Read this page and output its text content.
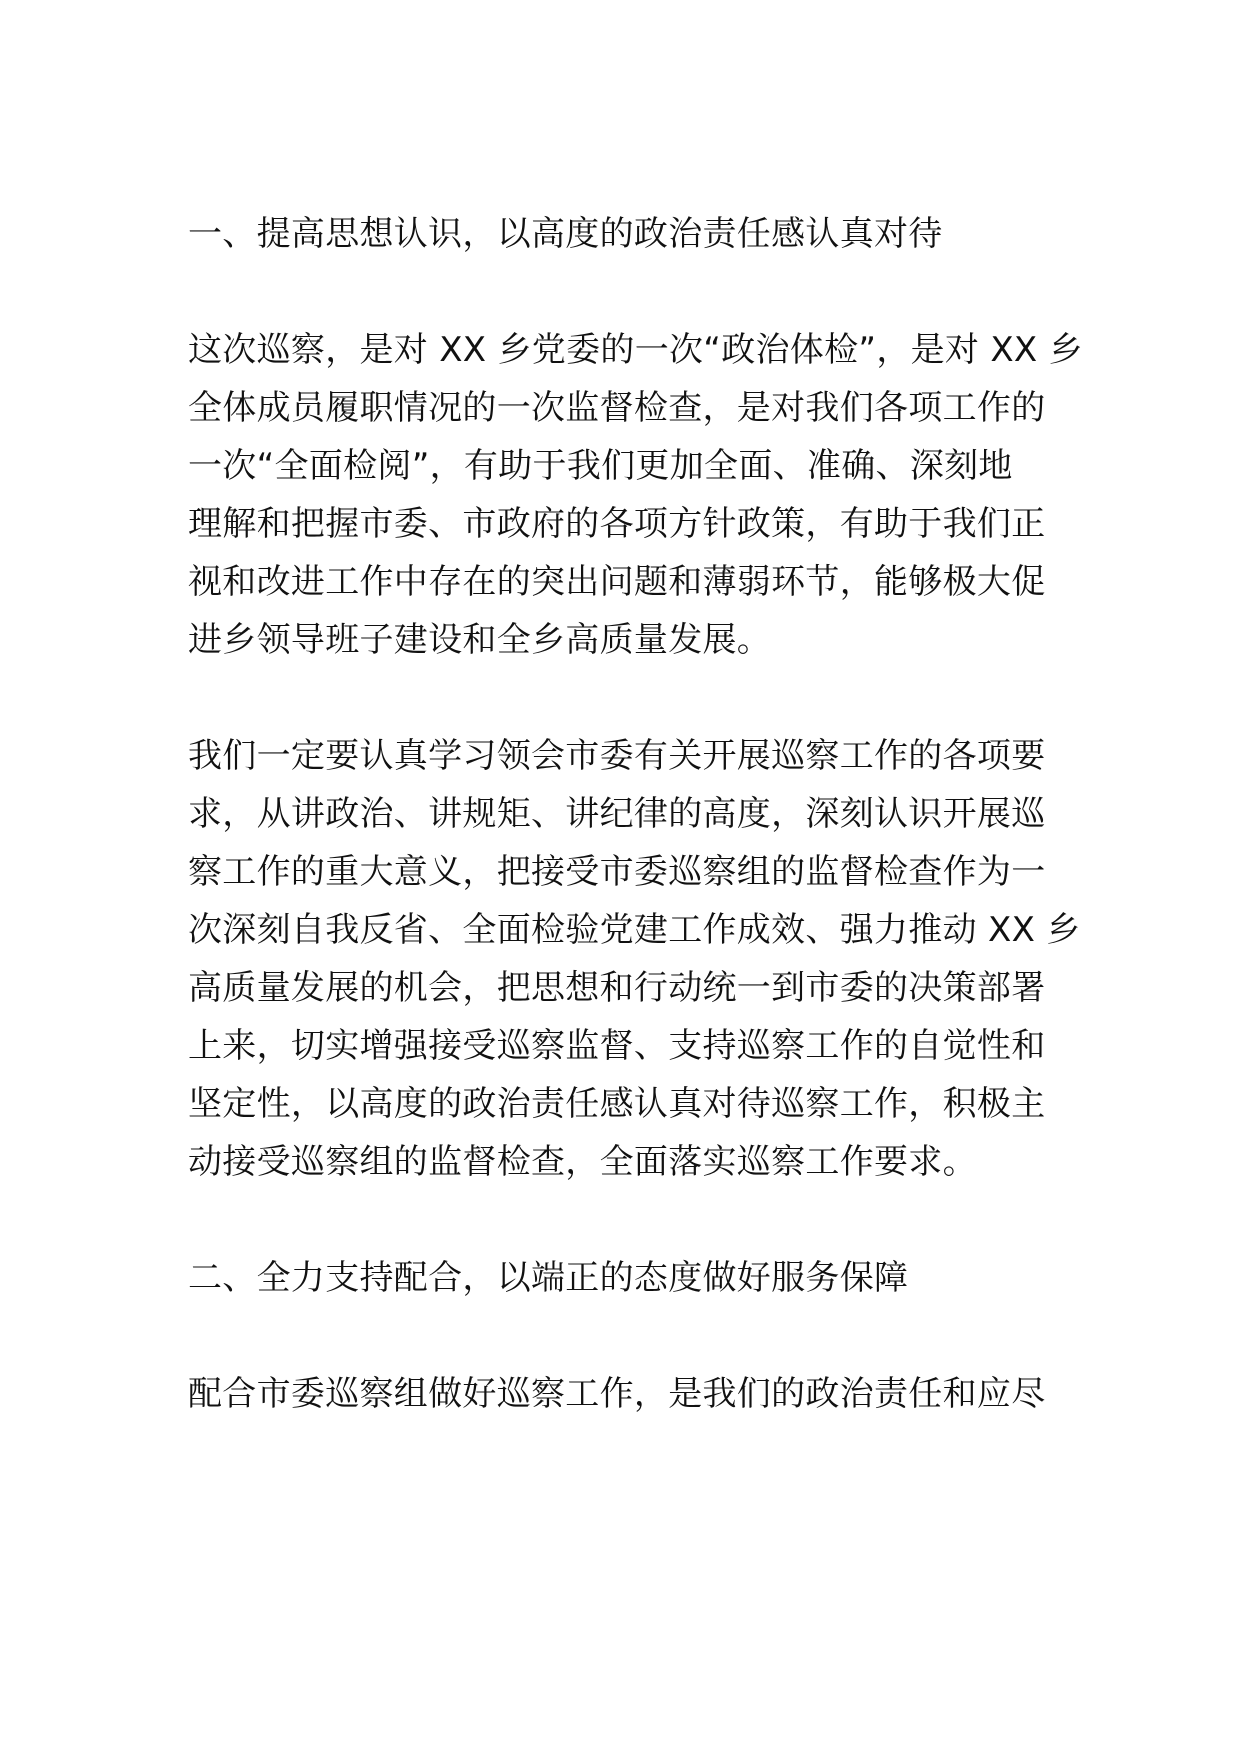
一、提高思想认识，以高度的政治责任感认真对待
这次巡察，是对 XX 乡党委的一次“政治体检”，是对 XX 乡
全体成员履职情况的一次监督检查，是对我们各项工作的
一次“全面检阅”，有助于我们更加全面、准确、深刻地
理解和把握市委、市政府的各项方针政策，有助于我们正
视和改进工作中存在的突出问题和薄弱环节，能够极大促
进乡领导班子建设和全乡高质量发展。
我们一定要认真学习领会市委有关开展巡察工作的各项要
求，从讲政治、讲规矩、讲纪律的高度，深刻认识开展巡
察工作的重大意义，把接受市委巡察组的监督检查作为一
次深刻自我反省、全面检验党建工作成效、强力推动 XX 乡
高质量发展的机会，把思想和行动统一到市委的决策部署
上来，切实增强接受巡察监督、支持巡察工作的自觉性和
坚定性，以高度的政治责任感认真对待巡察工作，积极主
动接受巡察组的监督检查，全面落实巡察工作要求。
二、全力支持配合，以端正的态度做好服务保障
配合市委巡察组做好巡察工作，是我们的政治责任和应尽
